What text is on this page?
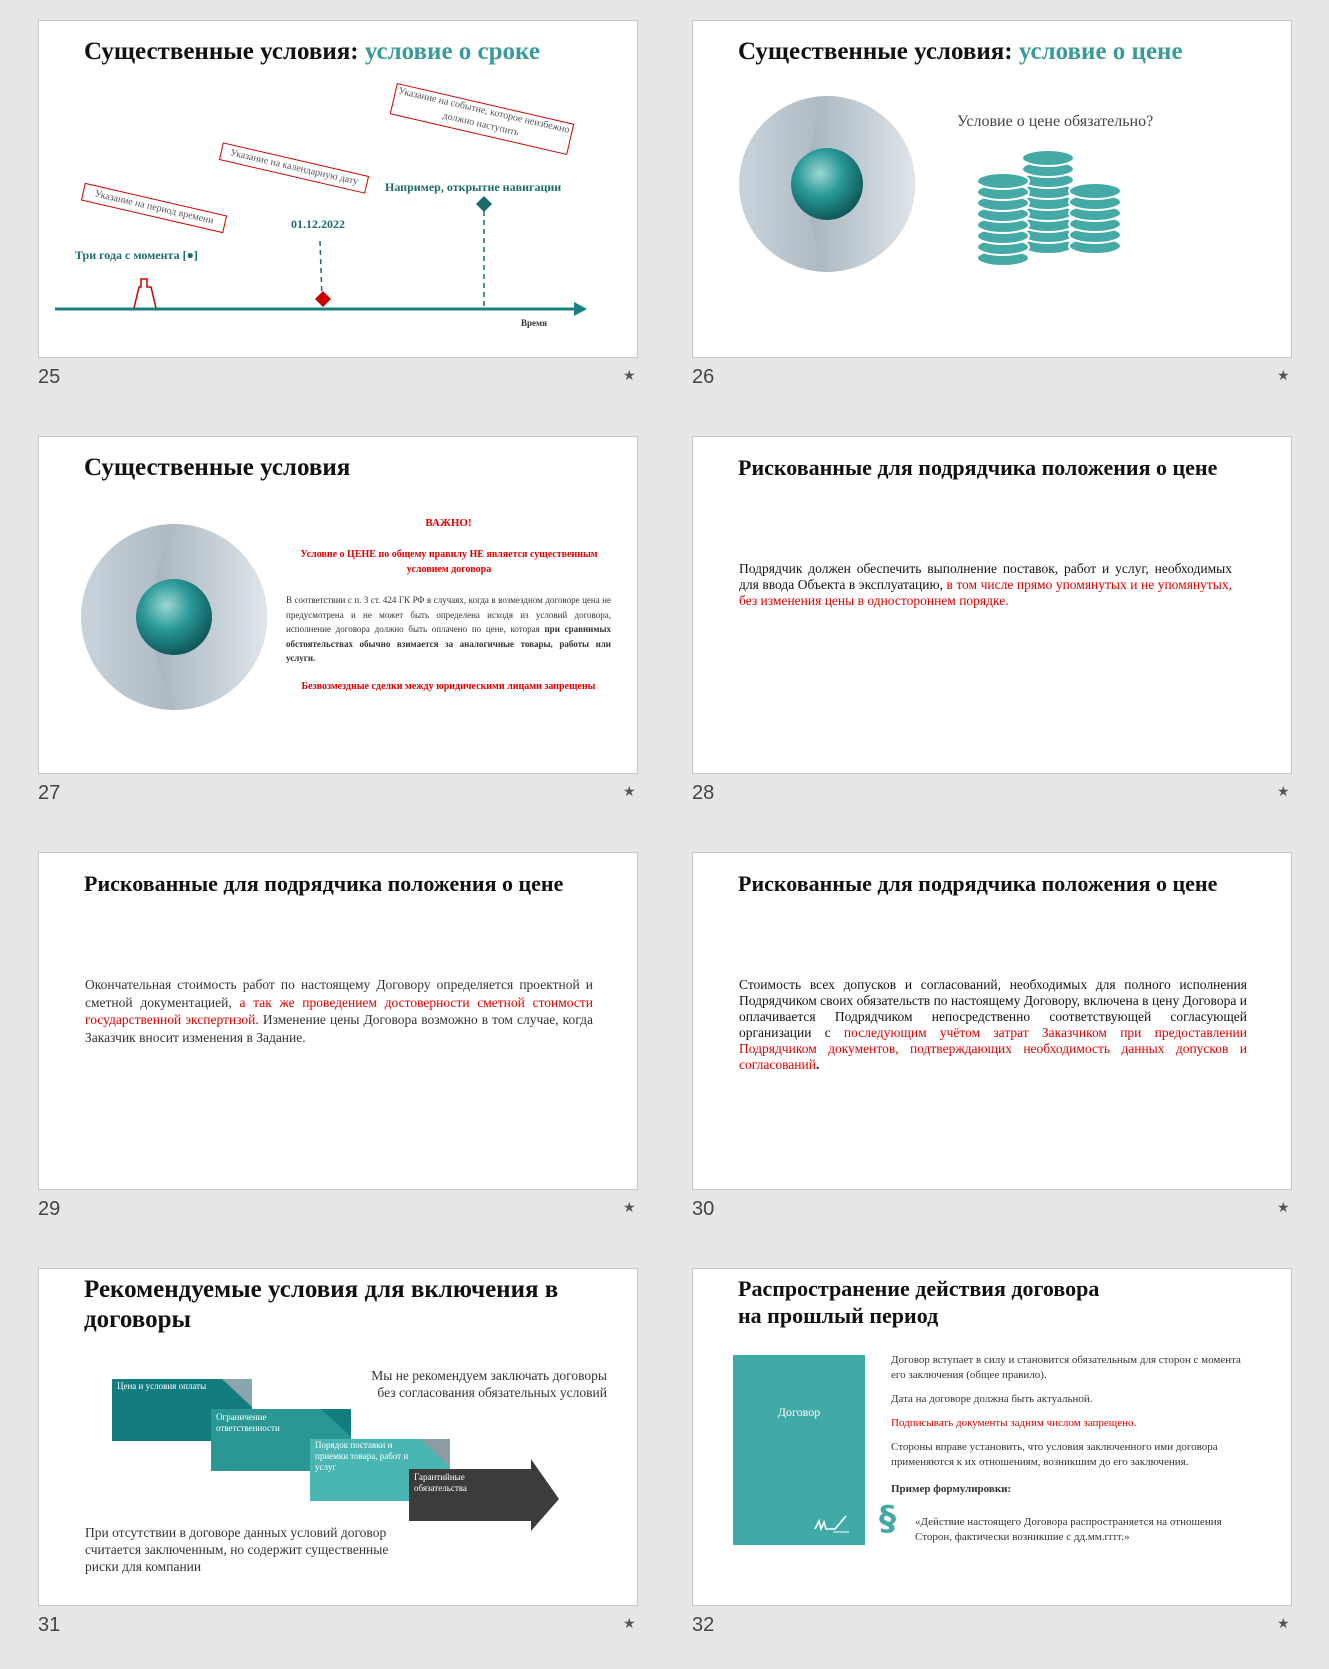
Существенные условия: условие о сроке
Указание на период времени
Указание на календарную дату
Указание на событие, которое неизбежно должно наступить
Три года с момента [●]
01.12.2022
Например, открытие навигации
Время
25	★
Существенные условия: условие о цене
Условие о цене обязательно?
26	★
Существенные условия
ВАЖНО!
Условие о ЦЕНЕ по общему правилу НЕ является существенным условием договора
В соответствии с п. 3 ст. 424 ГК РФ в случаях, когда в возмездном договоре цена не предусмотрена и не может быть определена исходя из условий договора, исполнение договора должно быть оплачено по цене, которая при сравнимых обстоятельствах обычно взимается за аналогичные товары, работы или услуги.
Безвозмездные сделки между юридическими лицами запрещены
27	★
Рискованные для подрядчика положения о цене
Подрядчик должен обеспечить выполнение поставок, работ и услуг, необходимых для ввода Объекта в эксплуатацию, в том числе прямо упомянутых и не упомянутых, без изменения цены в одностороннем порядке.
28	★
Рискованные для подрядчика положения о цене
Окончательная стоимость работ по настоящему Договору определяется проектной и сметной документацией, а так же проведением достоверности сметной стоимости государственной экспертизой. Изменение цены Договора возможно в том случае, когда Заказчик вносит изменения в Задание.
29	★
Рискованные для подрядчика положения о цене
Стоимость всех допусков и согласований, необходимых для полного исполнения Подрядчиком своих обязательств по настоящему Договору, включена в цену Договора и оплачивается Подрядчиком непосредственно соответствующей согласующей организации с последующим учётом затрат Заказчиком при предоставлении Подрядчиком документов, подтверждающих необходимость данных допусков и согласований.
30	★
Рекомендуемые условия для включения в
договоры
Мы не рекомендуем заключать договоры без согласования обязательных условий
Цена и условия оплаты
Ограничение ответственности
Порядок поставки и приемки товара, работ и услуг
Гарантийные обязательства
При отсутствии в договоре данных условий договор считается заключенным, но содержит существенные риски для компании
31	★
Распространение действия договора
на прошлый период
Договор
Договор вступает в силу и становится обязательным для сторон с момента его заключения (общее правило).
Дата на договоре должна быть актуальной.
Подписывать документы задним числом запрещено.
Стороны вправе установить, что условия заключенного ими договора применяются к их отношениям, возникшим до его заключения.
Пример формулировки:
§ «Действие настоящего Договора распространяется на отношения Сторон, фактически возникшие с дд.мм.гггг.»
32	★
